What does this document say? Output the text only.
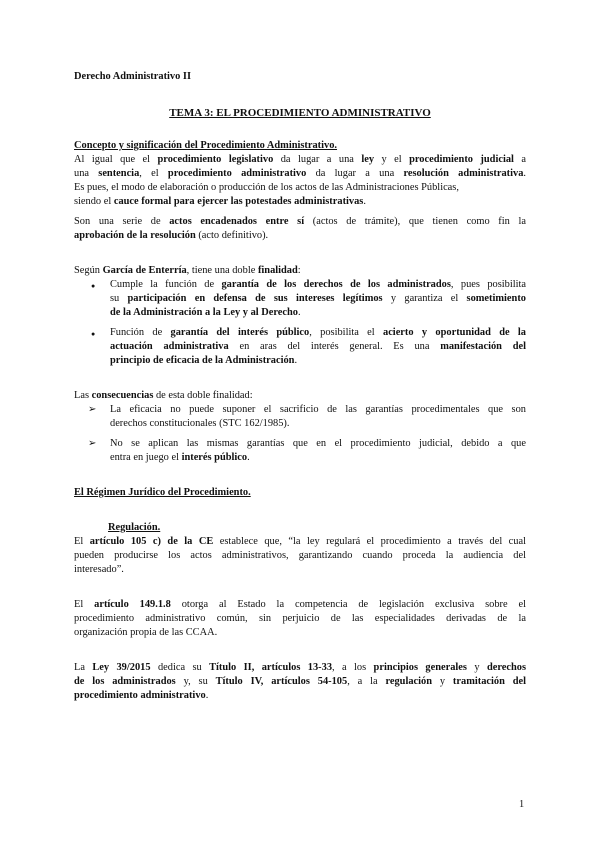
Derecho Administrativo II
TEMA 3: EL PROCEDIMIENTO ADMINISTRATIVO
Concepto y significación del Procedimiento Administrativo.
Al igual que el procedimiento legislativo da lugar a una ley y el procedimiento judicial a
una sentencia, el procedimiento administrativo da lugar a una resolución administrativa.
Es pues, el modo de elaboración o producción de los actos de las Administraciones Públicas,
siendo el cauce formal para ejercer las potestades administrativas.
Son una serie de actos encadenados entre sí (actos de trámite), que tienen como fin la
aprobación de la resolución (acto definitivo).
Según García de Enterría, tiene una doble finalidad:
● Cumple la función de garantía de los derechos de los administrados, pues posibilita
su participación en defensa de sus intereses legítimos y garantiza el sometimiento
de la Administración a la Ley y al Derecho.
● Función de garantía del interés público, posibilita el acierto y oportunidad de la
actuación administrativa en aras del interés general. Es una manifestación del
principio de eficacia de la Administración.
Las consecuencias de esta doble finalidad:
➢ La eficacia no puede suponer el sacrificio de las garantías procedimentales que son
derechos constitucionales (STC 162/1985).
➢ No se aplican las mismas garantías que en el procedimiento judicial, debido a que
entra en juego el interés público.
El Régimen Jurídico del Procedimiento.
Regulación.
El artículo 105 c) de la CE establece que, “la ley regulará el procedimiento a través del cual
pueden producirse los actos administrativos, garantizando cuando proceda la audiencia del
interesado”.
El artículo 149.1.8 otorga al Estado la competencia de legislación exclusiva sobre el
procedimiento administrativo común, sin perjuicio de las especialidades derivadas de la
organización propia de las CCAA.
La Ley 39/2015 dedica su Título II, artículos 13-33, a los principios generales y derechos
de los administrados y, su Título IV, artículos 54-105, a la regulación y tramitación del
procedimiento administrativo.
1
